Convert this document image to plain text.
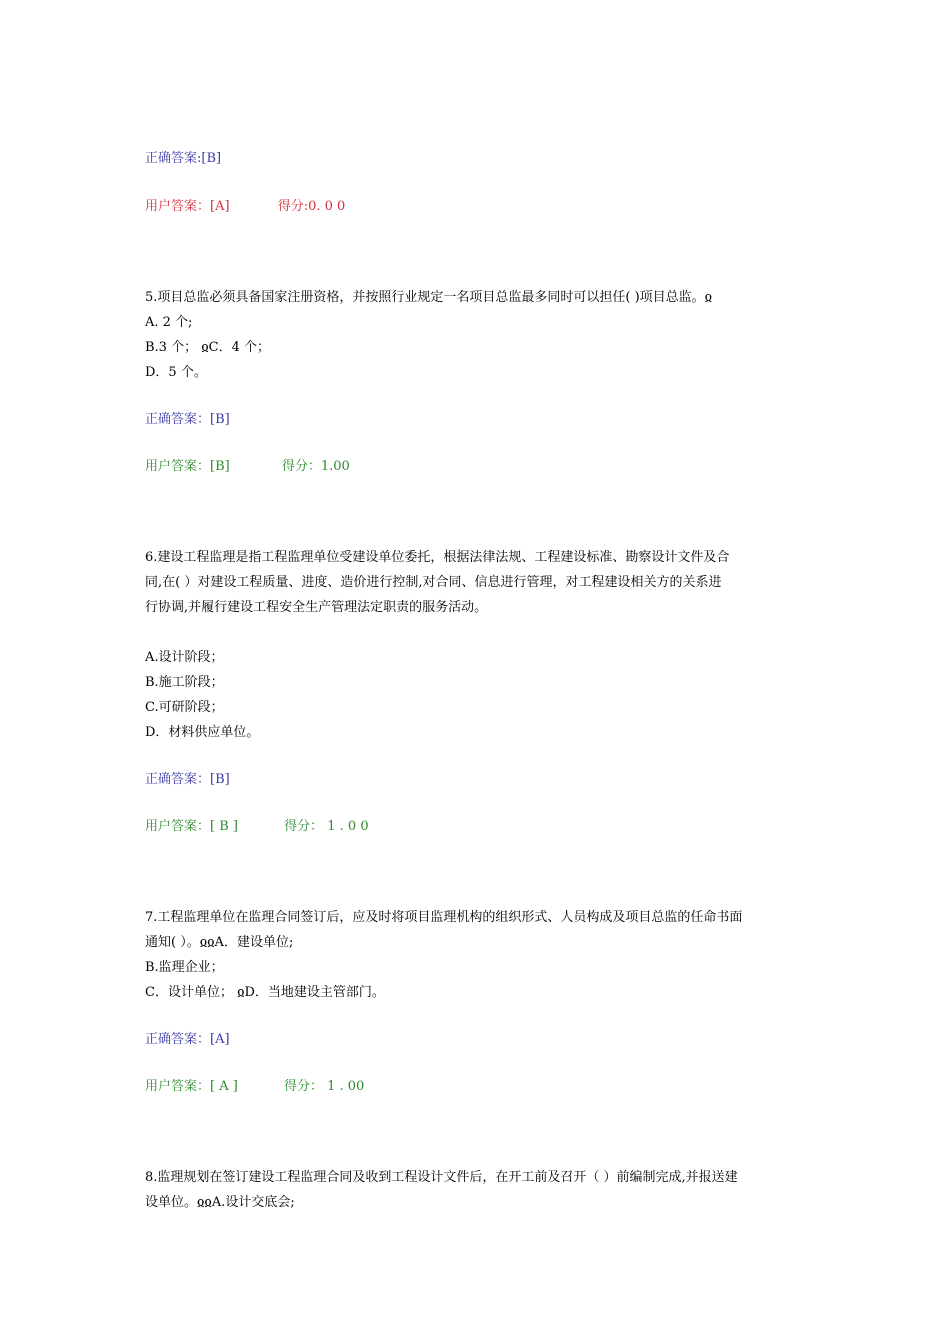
正确答案:[B]
用户答案：[A]	得分:0. 0 0
5.项目总监必须具备国家注册资格，并按照行业规定一名项目总监最多同时可以担任( )项目总监。ჲ
A. 2 个;
B.3 个； ჲC．4 个；
D．5 个。
正确答案：[B]
用户答案：[B]	得分：1.00
6.建设工程监理是指工程监理单位受建设单位委托，根据法律法规、工程建设标准、勘察设计文件及合
同,在( ）对建设工程质量、进度、造价进行控制,对合同、信息进行管理，对工程建设相关方的关系进
行协调,并履行建设工程安全生产管理法定职责的服务活动。
A.设计阶段；
B.施工阶段；
C.可研阶段；
D．材料供应单位。
正确答案：[B]
用户答案：[ B ]	得分： 1 . 0 0
7.工程监理单位在监理合同签订后，应及时将项目监理机构的组织形式、人员构成及项目总监的任命书面
通知( ）。ჲჲA．建设单位;
B.监理企业；
C．设计单位； ჲD．当地建设主管部门。
正确答案：[A]
用户答案：[ A ]	得分： 1 . 00
8.监理规划在签订建设工程监理合同及收到工程设计文件后，在开工前及召开（ ）前编制完成,并报送建
设单位。ჲჲA.设计交底会;
